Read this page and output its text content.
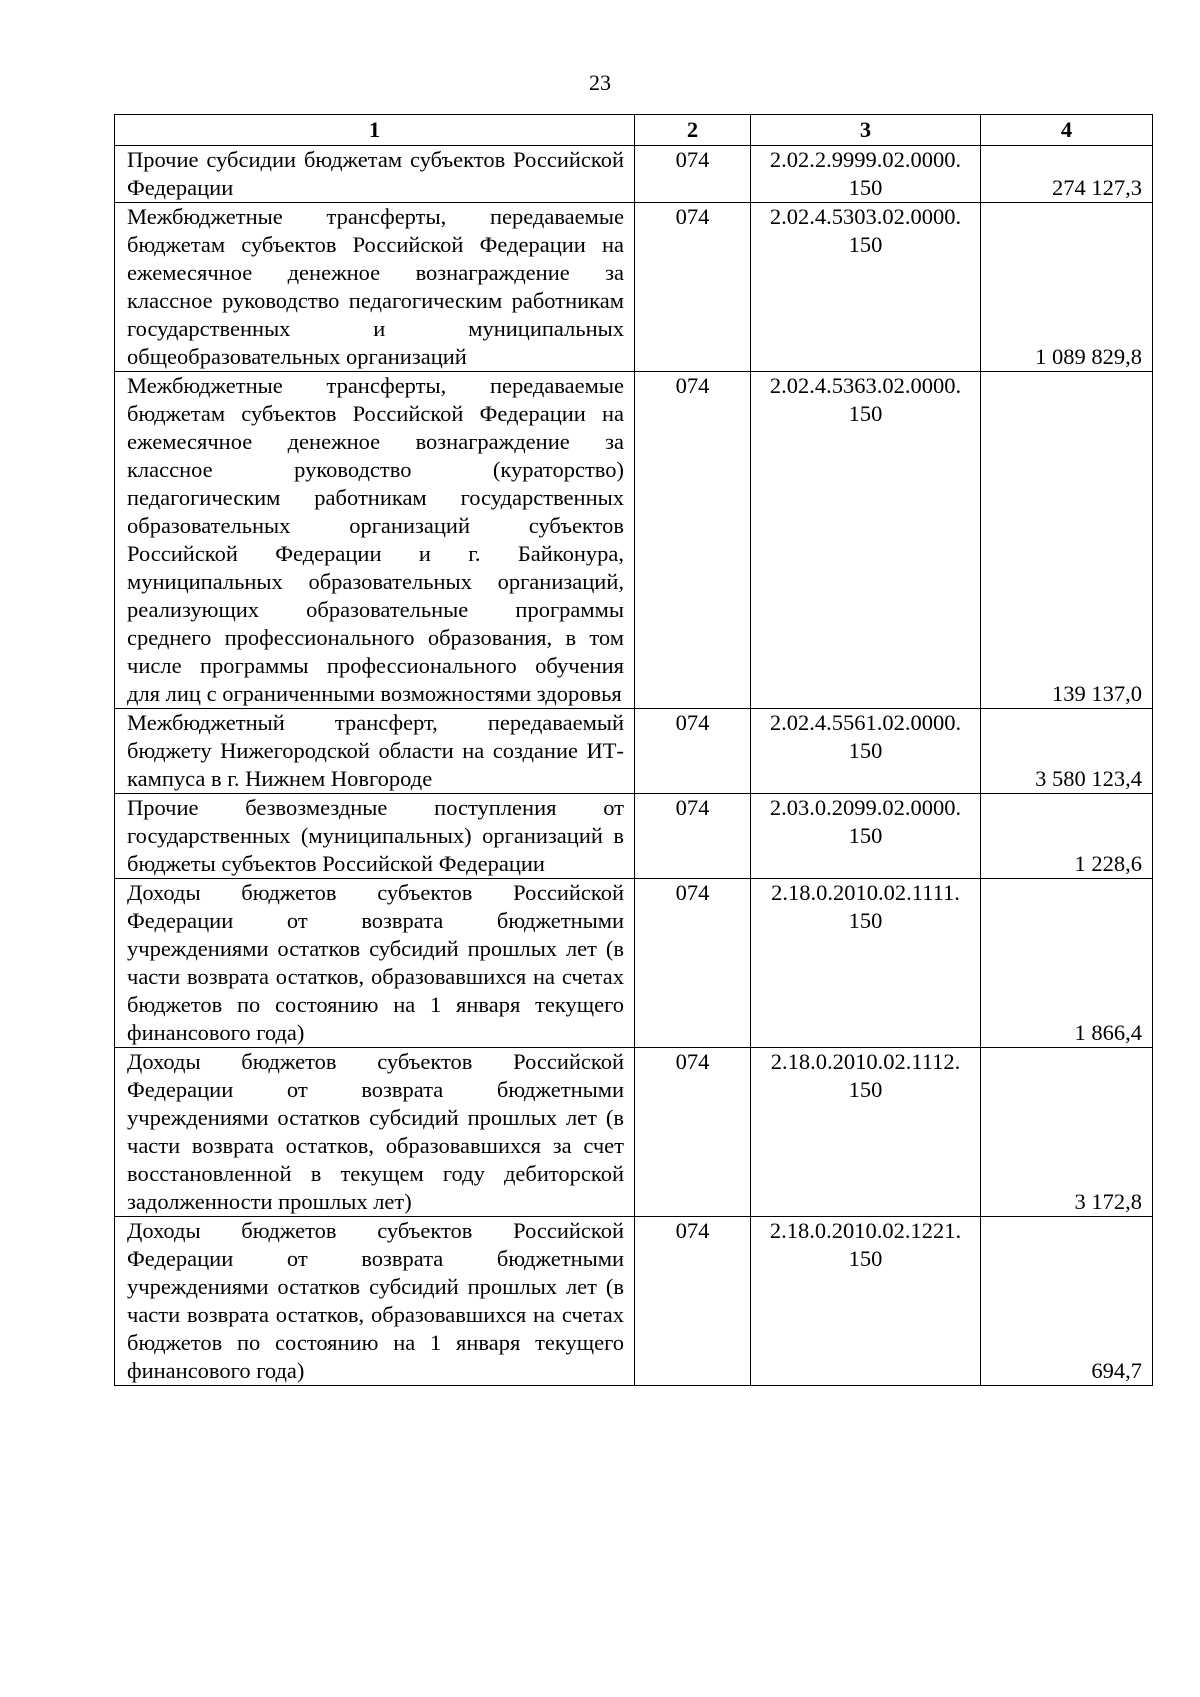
23
1	2	3	4
Прочие субсидии бюджетам субъектов Российской Федерации	074	2.02.2.9999.02.0000. 150	274 127,3
Межбюджетные трансферты, передаваемые бюджетам субъектов Российской Федерации на ежемесячное денежное вознаграждение за классное руководство педагогическим работникам государственных и муниципальных общеобразовательных организаций	074	2.02.4.5303.02.0000. 150	1 089 829,8
Межбюджетные трансферты, передаваемые бюджетам субъектов Российской Федерации на ежемесячное денежное вознаграждение за классное руководство (кураторство) педагогическим работникам государственных образовательных организаций субъектов Российской Федерации и г. Байконура, муниципальных образовательных организаций, реализующих образовательные программы среднего профессионального образования, в том числе программы профессионального обучения для лиц с ограниченными возможностями здоровья	074	2.02.4.5363.02.0000. 150	139 137,0
Межбюджетный трансферт, передаваемый бюджету Нижегородской области на создание ИТ-кампуса в г. Нижнем Новгороде	074	2.02.4.5561.02.0000. 150	3 580 123,4
Прочие безвозмездные поступления от государственных (муниципальных) организаций в бюджеты субъектов Российской Федерации	074	2.03.0.2099.02.0000. 150	1 228,6
Доходы бюджетов субъектов Российской Федерации от возврата бюджетными учреждениями остатков субсидий прошлых лет (в части возврата остатков, образовавшихся на счетах бюджетов по состоянию на 1 января текущего финансового года)	074	2.18.0.2010.02.1111. 150	1 866,4
Доходы бюджетов субъектов Российской Федерации от возврата бюджетными учреждениями остатков субсидий прошлых лет (в части возврата остатков, образовавшихся за счет восстановленной в текущем году дебиторской задолженности прошлых лет)	074	2.18.0.2010.02.1112. 150	3 172,8
Доходы бюджетов субъектов Российской Федерации от возврата бюджетными учреждениями остатков субсидий прошлых лет (в части возврата остатков, образовавшихся на счетах бюджетов по состоянию на 1 января текущего финансового года)	074	2.18.0.2010.02.1221. 150	694,7
